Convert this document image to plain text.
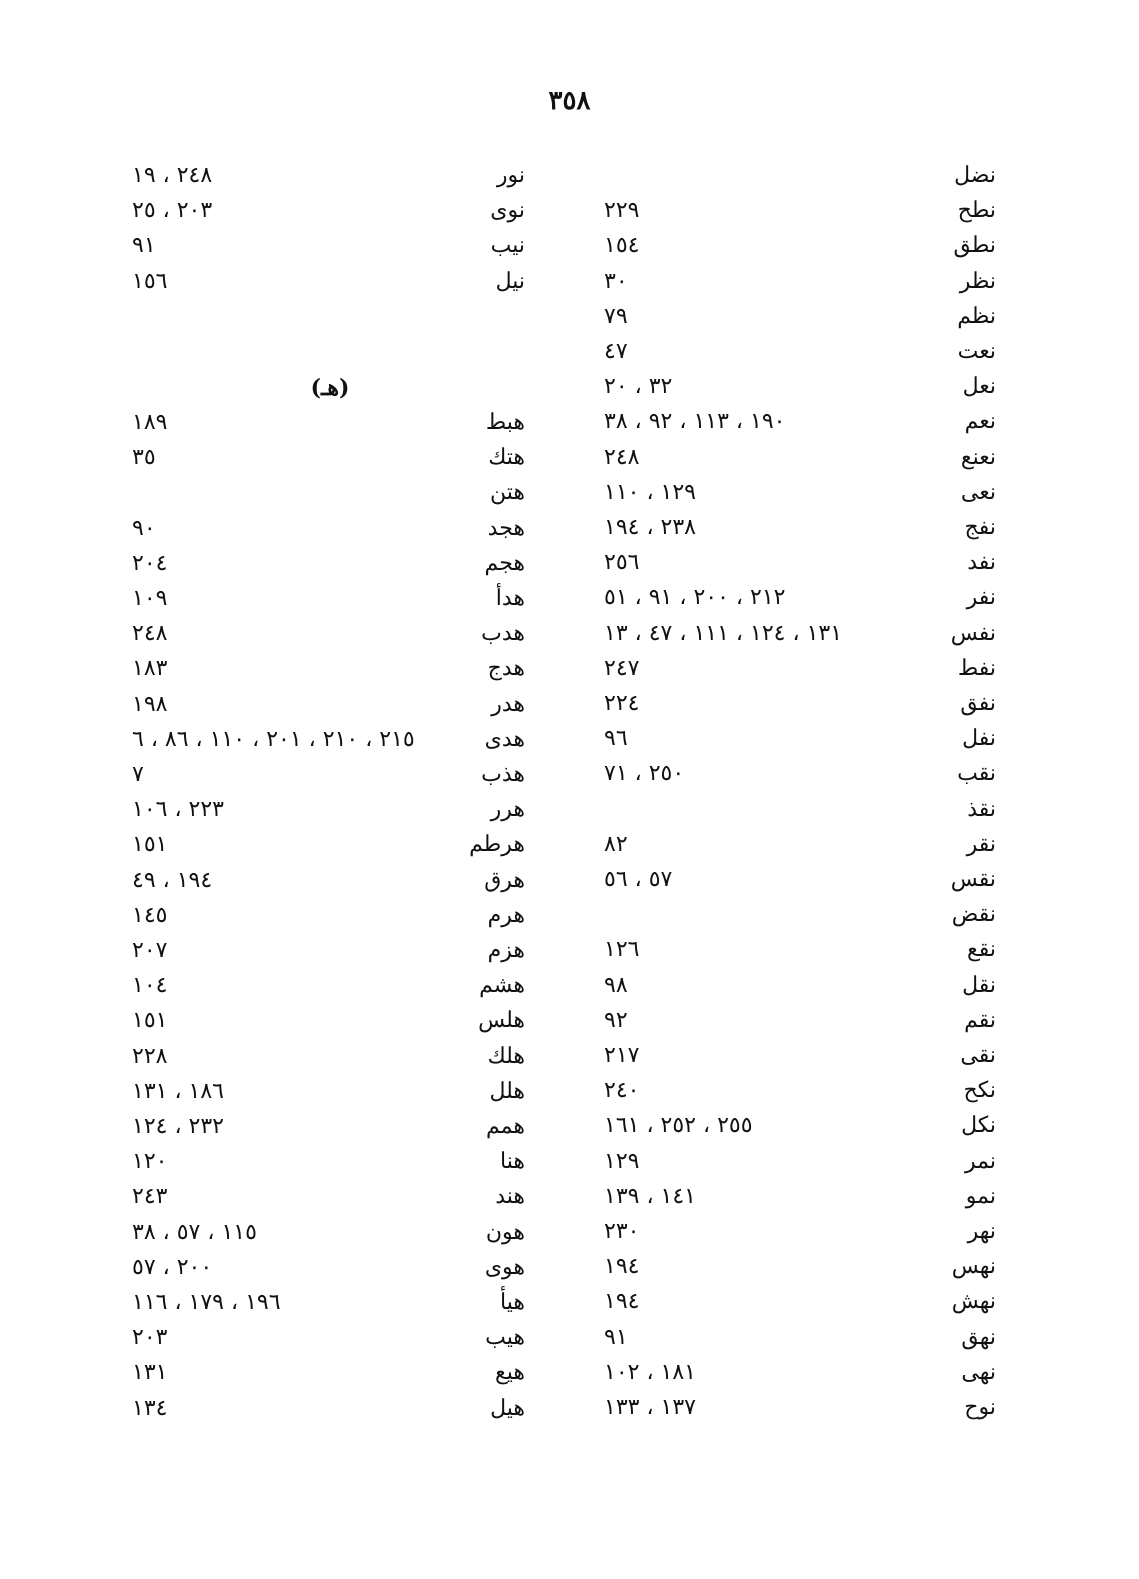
٣٥٨
نضل
نطح
٢٢٩
نطق
١٥٤
نظر
٣٠
نظم
٧٩
نعت
٤٧
نعل
٣٢ ، ٢٠
نعم
١٩٠ ، ١١٣ ، ٩٢ ، ٣٨
نعنع
٢٤٨
نعى
١٢٩ ، ١١٠
نفج
٢٣٨ ، ١٩٤
نفد
٢٥٦
نفر
٢١٢ ، ٢٠٠ ، ٩١ ، ٥١
نفس
١٣١ ، ١٢٤ ، ١١١ ، ٤٧ ، ١٣
نفط
٢٤٧
نفق
٢٢٤
نفل
٩٦
نقب
٢٥٠ ، ٧١
نقذ
نقر
٨٢
نقس
٥٧ ، ٥٦
نقض
نقع
١٢٦
نقل
٩٨
نقم
٩٢
نقى
٢١٧
نكح
٢٤٠
نكل
٢٥٥ ، ٢٥٢ ، ١٦١
نمر
١٢٩
نمو
١٤١ ، ١٣٩
نهر
٢٣٠
نهس
١٩٤
نهش
١٩٤
نهق
٩١
نهى
١٨١ ، ١٠٢
نوح
١٣٧ ، ١٣٣
نور
٢٤٨ ، ١٩
نوى
٢٠٣ ، ٢٥
نيب
٩١
نيل
١٥٦
(هـ)
هبط
١٨٩
هتك
٣٥
هتن
هجد
٩٠
هجم
٢٠٤
هدأ
١٠٩
هدب
٢٤٨
هدج
١٨٣
هدر
١٩٨
هدى
٢١٥ ، ٢١٠ ، ٢٠١ ، ١١٠ ، ٨٦ ، ٦
هذب
٧
هرر
٢٢٣ ، ١٠٦
هرطم
١٥١
هرق
١٩٤ ، ٤٩
هرم
١٤٥
هزم
٢٠٧
هشم
١٠٤
هلس
١٥١
هلك
٢٢٨
هلل
١٨٦ ، ١٣١
همم
٢٣٢ ، ١٢٤
هنا
١٢٠
هند
٢٤٣
هون
١١٥ ، ٥٧ ، ٣٨
هوى
٢٠٠ ، ٥٧
هيأ
١٩٦ ، ١٧٩ ، ١١٦
هيب
٢٠٣
هيع
١٣١
هيل
١٣٤
